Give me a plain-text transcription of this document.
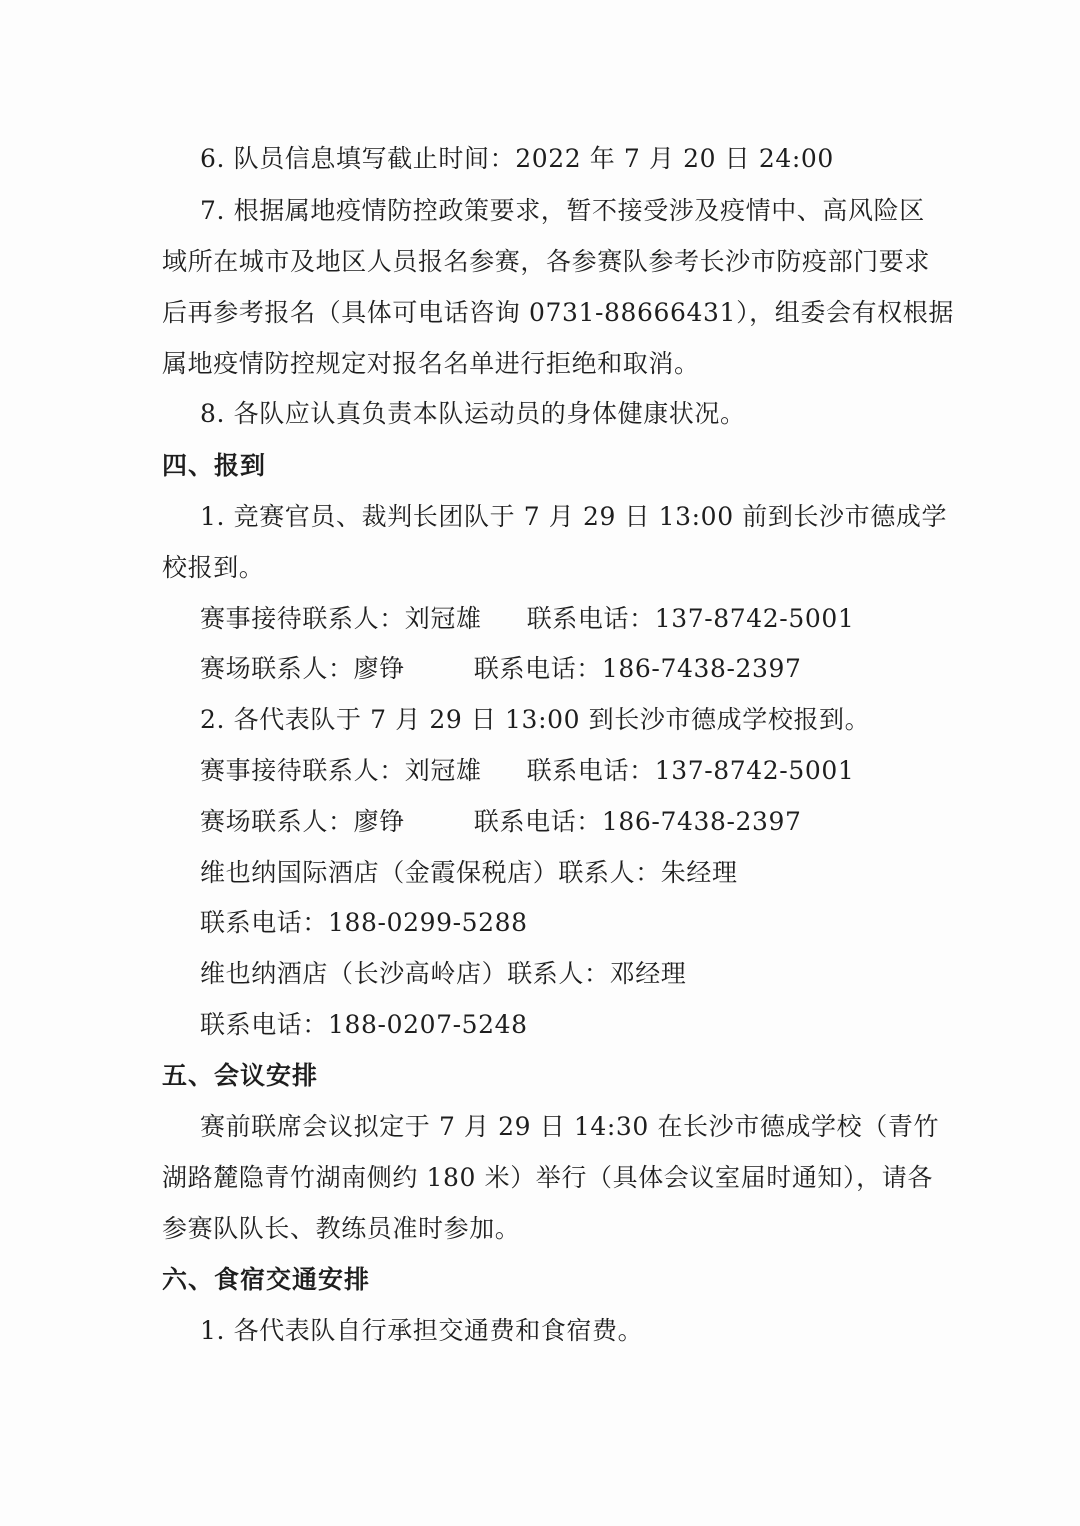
6. 队员信息填写截止时间：2022 年 7 月 20 日 24:00
7. 根据属地疫情防控政策要求，暂不接受涉及疫情中、高风险区
域所在城市及地区人员报名参赛，各参赛队参考长沙市防疫部门要求
后再参考报名（具体可电话咨询 0731-88666431），组委会有权根据
属地疫情防控规定对报名名单进行拒绝和取消。
8. 各队应认真负责本队运动员的身体健康状况。
四、报到
1. 竞赛官员、裁判长团队于 7 月 29 日 13:00 前到长沙市德成学
校报到。
赛事接待联系人：刘冠雄 联系电话：137-8742-5001
赛场联系人：廖铮	联系电话：186-7438-2397
2. 各代表队于 7 月 29 日 13:00 到长沙市德成学校报到。
赛事接待联系人：刘冠雄 联系电话：137-8742-5001
赛场联系人：廖铮	联系电话：186-7438-2397
维也纳国际酒店（金霞保税店）联系人：朱经理
联系电话：188-0299-5288
维也纳酒店（长沙高岭店）联系人：邓经理
联系电话：188-0207-5248
五、会议安排
赛前联席会议拟定于 7 月 29 日 14:30 在长沙市德成学校（青竹
湖路麓隐青竹湖南侧约 180 米）举行（具体会议室届时通知），请各
参赛队队长、教练员准时参加。
六、食宿交通安排
1. 各代表队自行承担交通费和食宿费。
